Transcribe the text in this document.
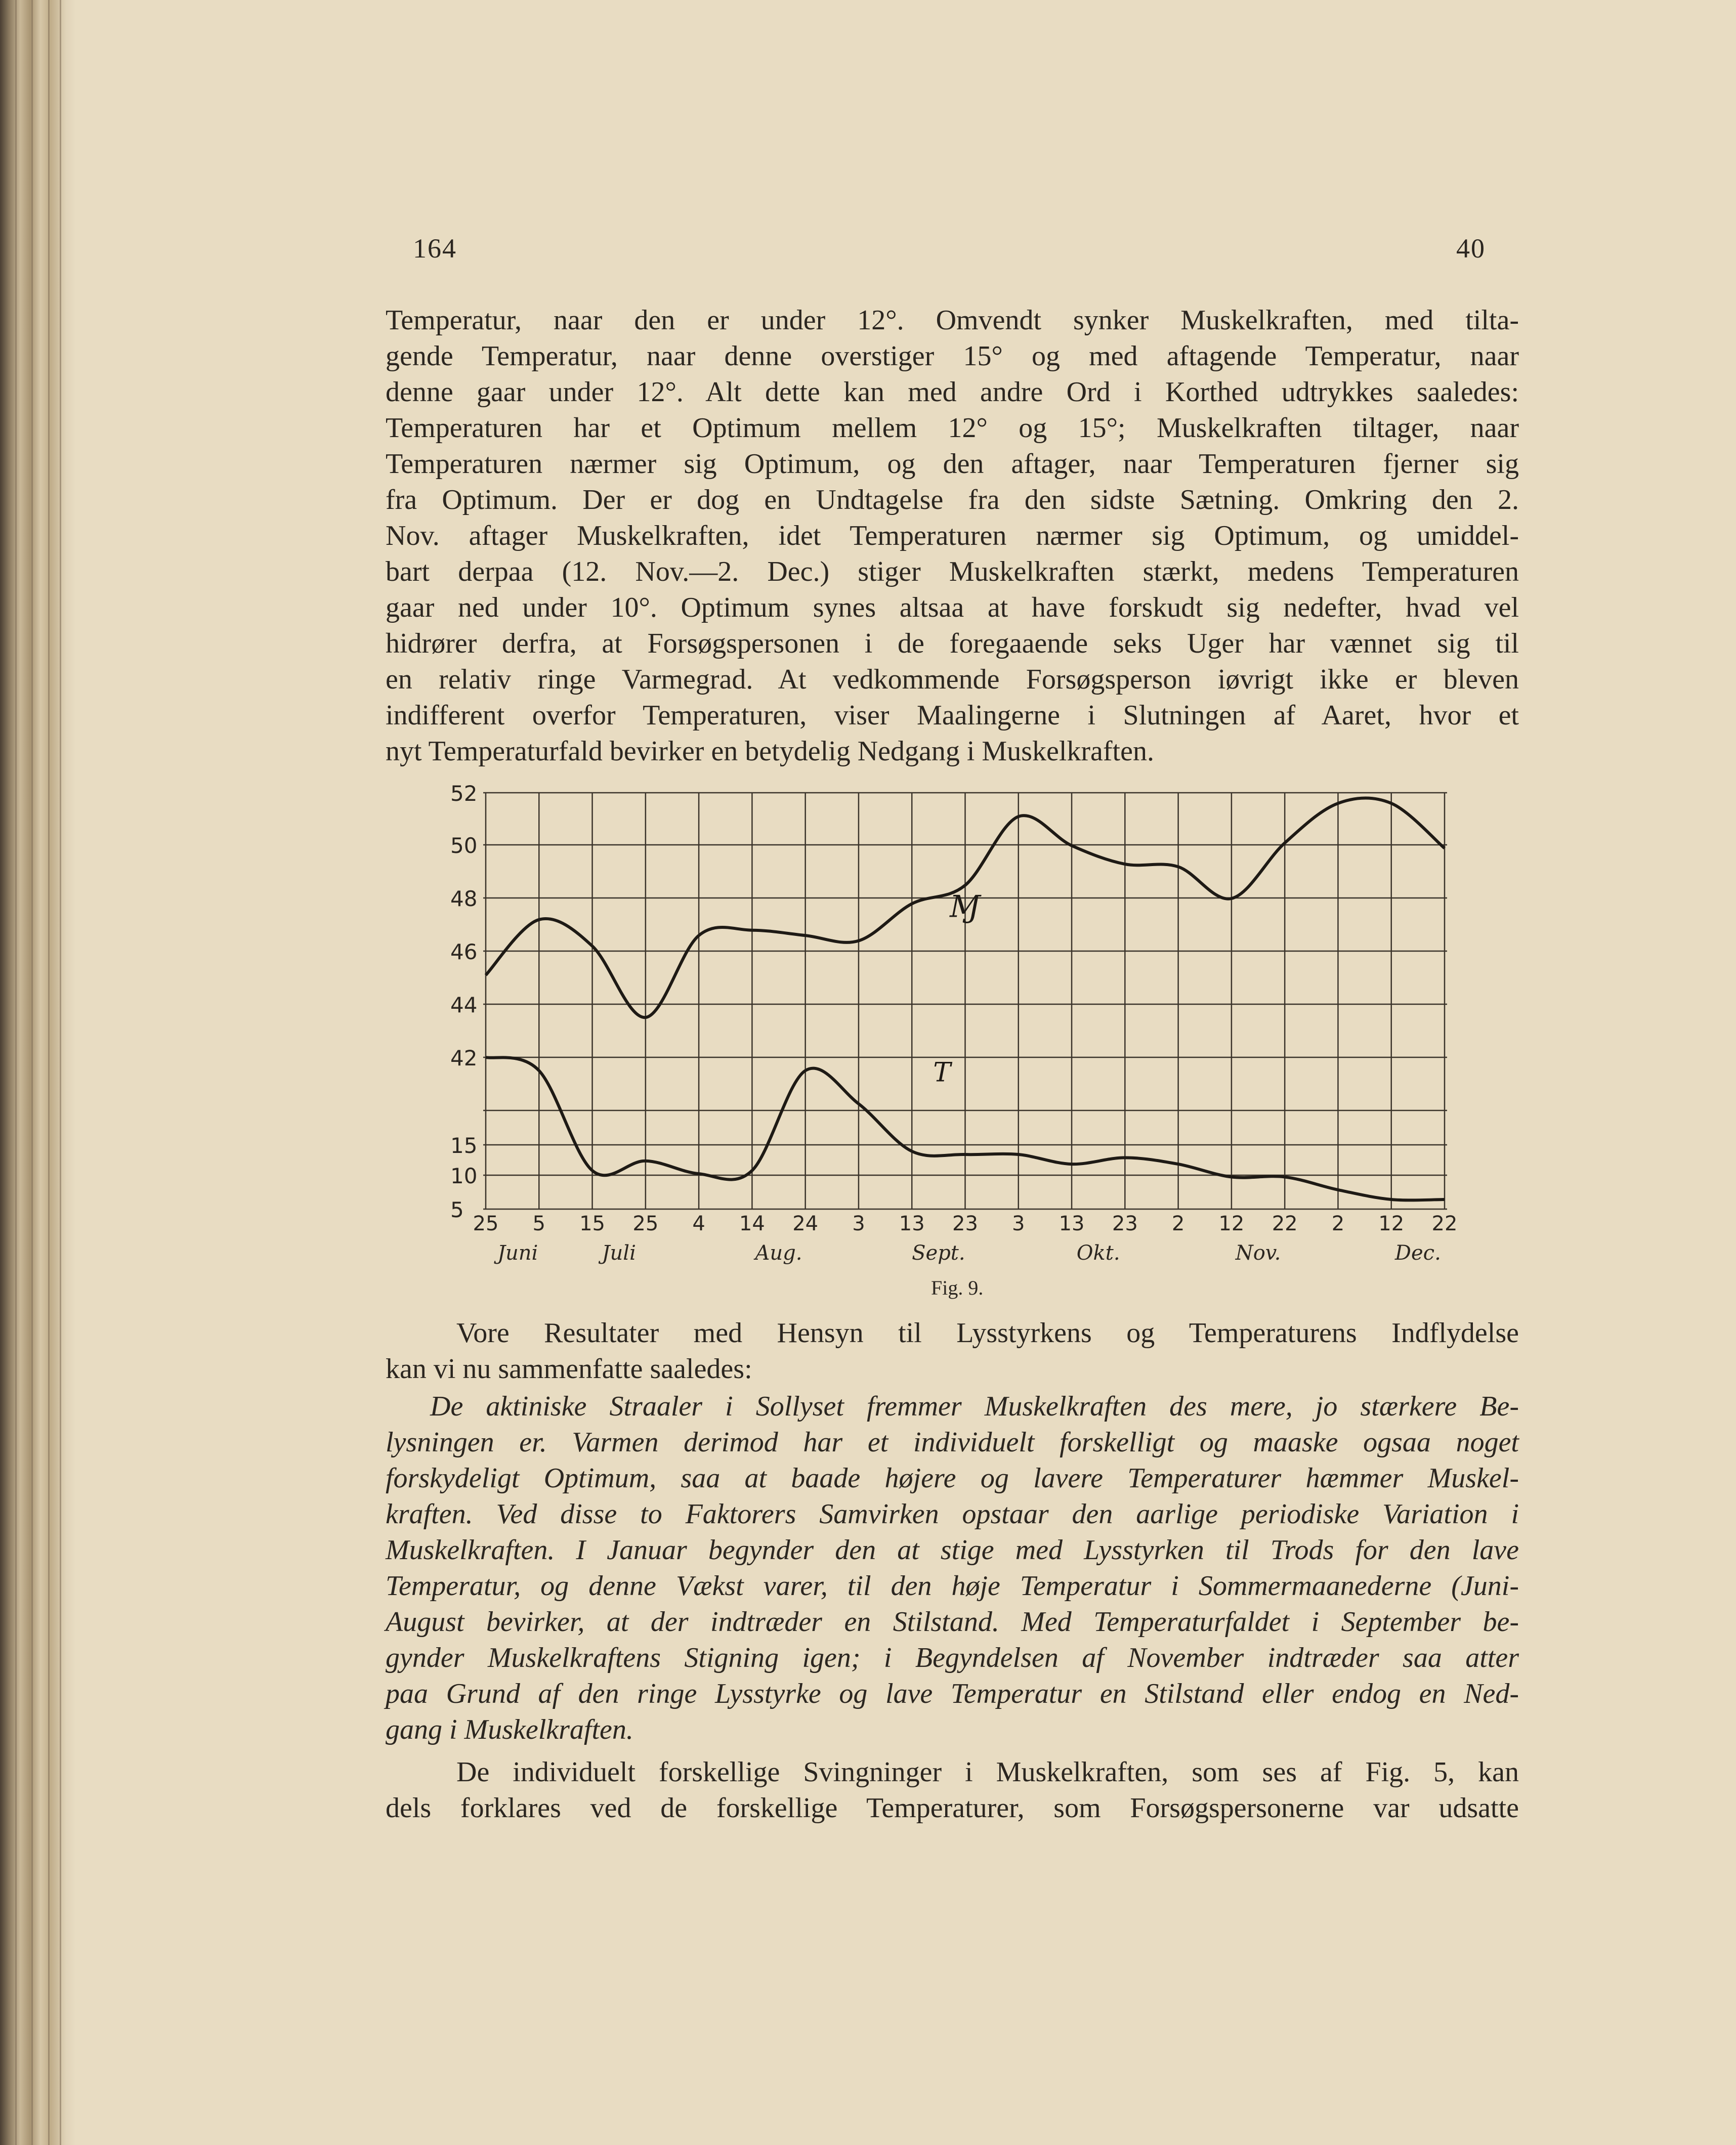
164	40
Temperatur, naar den er under 12°. Omvendt synker Muskelkraften, med tilta-
gende Temperatur, naar denne overstiger 15° og med aftagende Temperatur, naar
denne gaar under 12°. Alt dette kan med andre Ord i Korthed udtrykkes saaledes:
Temperaturen har et Optimum mellem 12° og 15°; Muskelkraften tiltager, naar
Temperaturen nærmer sig Optimum, og den aftager, naar Temperaturen fjerner sig
fra Optimum. Der er dog en Undtagelse fra den sidste Sætning. Omkring den 2.
Nov. aftager Muskelkraften, idet Temperaturen nærmer sig Optimum, og umiddel-
bart derpaa (12. Nov.—2. Dec.) stiger Muskelkraften stærkt, medens Temperaturen
gaar ned under 10°. Optimum synes altsaa at have forskudt sig nedefter, hvad vel
hidrører derfra, at Forsøgspersonen i de foregaaende seks Uger har vænnet sig til
en relativ ringe Varmegrad. At vedkommende Forsøgsperson iøvrigt ikke er bleven
indifferent overfor Temperaturen, viser Maalingerne i Slutningen af Aaret, hvor et
nyt Temperaturfald bevirker en betydelig Nedgang i Muskelkraften.
52
50
48
46
44
42
15
10
5
25 5 15 25 4 14 24 3 13 23 3 13 23 2 12 22 2 12 22
Juni	Juli	Aug.	Sept.	Okt.	Nov.	Dec.
Ɱ
T
Fig. 9.
Vore Resultater med Hensyn til Lysstyrkens og Temperaturens Indflydelse
kan vi nu sammenfatte saaledes:
De aktiniske Straaler i Sollyset fremmer Muskelkraften des mere, jo stærkere Be-
lysningen er. Varmen derimod har et individuelt forskelligt og maaske ogsaa noget
forskydeligt Optimum, saa at baade højere og lavere Temperaturer hæmmer Muskel-
kraften. Ved disse to Faktorers Samvirken opstaar den aarlige periodiske Variation i
Muskelkraften. I Januar begynder den at stige med Lysstyrken til Trods for den lave
Temperatur, og denne Vækst varer, til den høje Temperatur i Sommermaanederne (Juni-
August bevirker, at der indtræder en Stilstand. Med Temperaturfaldet i September be-
gynder Muskelkraftens Stigning igen; i Begyndelsen af November indtræder saa atter
paa Grund af den ringe Lysstyrke og lave Temperatur en Stilstand eller endog en Ned-
gang i Muskelkraften.
De individuelt forskellige Svingninger i Muskelkraften, som ses af Fig. 5, kan
dels forklares ved de forskellige Temperaturer, som Forsøgspersonerne var udsatte
